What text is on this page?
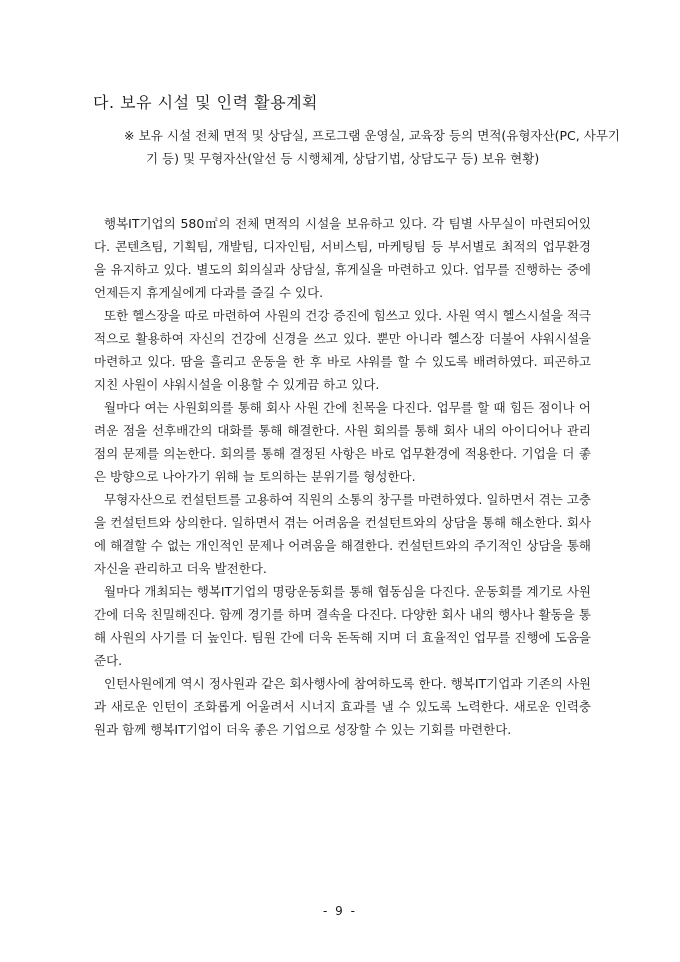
다. 보유 시설 및 인력 활용계획

※ 보유 시설 전체 면적 및 상담실, 프로그램 운영실, 교육장 등의 면적(유형자산(PC, 사무기기 등) 및 무형자산(알선 등 시행체계, 상담기법, 상담도구 등) 보유 현황)

행복IT기업의 580㎡의 전체 면적의 시설을 보유하고 있다. 각 팀별 사무실이 마련되어있다. 콘텐츠팀, 기획팀, 개발팀, 디자인팀, 서비스팀, 마케팅팀 등 부서별로 최적의 업무환경을 유지하고 있다. 별도의 회의실과 상담실, 휴게실을 마련하고 있다. 업무를 진행하는 중에 언제든지 휴게실에게 다과를 즐길 수 있다.

또한 헬스장을 따로 마련하여 사원의 건강 증진에 힘쓰고 있다. 사원 역시 헬스시설을 적극적으로 활용하여 자신의 건강에 신경을 쓰고 있다. 뿐만 아니라 헬스장 더불어 샤워시설을 마련하고 있다. 땀을 흘리고 운동을 한 후 바로 샤워를 할 수 있도록 배려하였다. 피곤하고 지친 사원이 샤워시설을 이용할 수 있게끔 하고 있다.

월마다 여는 사원회의를 통해 회사 사원 간에 친목을 다진다. 업무를 할 때 힘든 점이나 어려운 점을 선후배간의 대화를 통해 해결한다. 사원 회의를 통해 회사 내의 아이디어나 관리 점의 문제를 의논한다. 회의를 통해 결정된 사항은 바로 업무환경에 적용한다. 기업을 더 좋은 방향으로 나아가기 위해 늘 토의하는 분위기를 형성한다.

무형자산으로 컨설턴트를 고용하여 직원의 소통의 창구를 마련하였다. 일하면서 겪는 고충을 컨설턴트와 상의한다. 일하면서 겪는 어려움을 컨설턴트와의 상담을 통해 해소한다. 회사에 해결할 수 없는 개인적인 문제나 어려움을 해결한다. 컨설턴트와의 주기적인 상담을 통해 자신을 관리하고 더욱 발전한다.

월마다 개최되는 행복IT기업의 명랑운동회를 통해 협동심을 다진다. 운동회를 계기로 사원 간에 더욱 친밀해진다. 함께 경기를 하며 결속을 다진다. 다양한 회사 내의 행사나 활동을 통해 사원의 사기를 더 높인다. 팀원 간에 더욱 돈독해 지며 더 효율적인 업무를 진행에 도움을 준다.

인턴사원에게 역시 정사원과 같은 회사행사에 참여하도록 한다. 행복IT기업과 기존의 사원과 새로운 인턴이 조화롭게 어울려서 시너지 효과를 낼 수 있도록 노력한다. 새로운 인력충원과 함께 행복IT기업이 더욱 좋은 기업으로 성장할 수 있는 기회를 마련한다.

- 9 -
